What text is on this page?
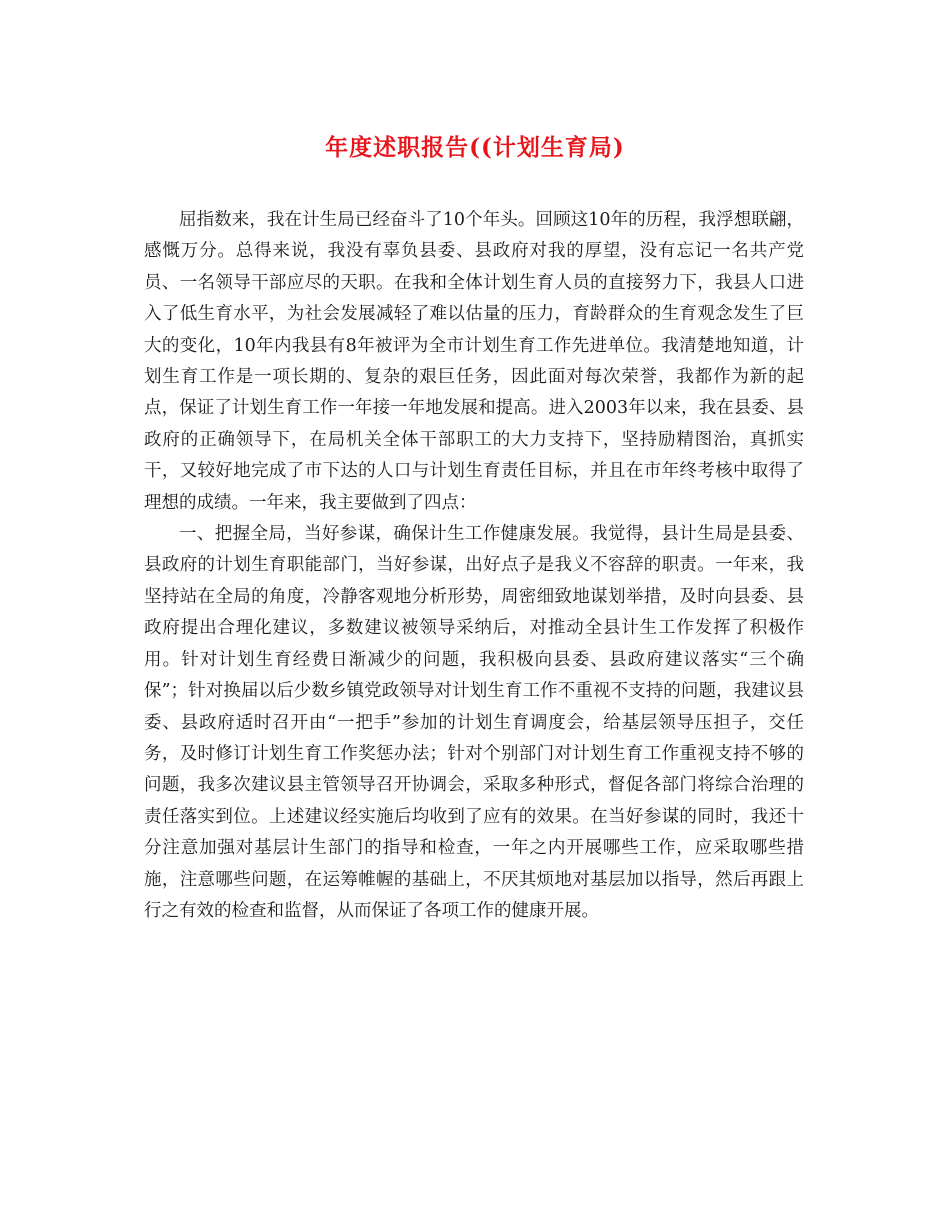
年度述职报告((计划生育局)

屈指数来，我在计生局已经奋斗了10个年头。回顾这10年的历程，我浮想联翩，感慨万分。总得来说，我没有辜负县委、县政府对我的厚望，没有忘记一名共产党员、一名领导干部应尽的天职。在我和全体计划生育人员的直接努力下，我县人口进入了低生育水平，为社会发展减轻了难以估量的压力，育龄群众的生育观念发生了巨大的变化，10年内我县有8年被评为全市计划生育工作先进单位。我清楚地知道，计划生育工作是一项长期的、复杂的艰巨任务，因此面对每次荣誉，我都作为新的起点，保证了计划生育工作一年接一年地发展和提高。进入2003年以来，我在县委、县政府的正确领导下，在局机关全体干部职工的大力支持下，坚持励精图治，真抓实干，又较好地完成了市下达的人口与计划生育责任目标，并且在市年终考核中取得了理想的成绩。一年来，我主要做到了四点：

一、把握全局，当好参谋，确保计生工作健康发展。我觉得，县计生局是县委、县政府的计划生育职能部门，当好参谋，出好点子是我义不容辞的职责。一年来，我坚持站在全局的角度，冷静客观地分析形势，周密细致地谋划举措，及时向县委、县政府提出合理化建议，多数建议被领导采纳后，对推动全县计生工作发挥了积极作用。针对计划生育经费日渐减少的问题，我积极向县委、县政府建议落实“三个确保”；针对换届以后少数乡镇党政领导对计划生育工作不重视不支持的问题，我建议县委、县政府适时召开由“一把手”参加的计划生育调度会，给基层领导压担子，交任务，及时修订计划生育工作奖惩办法；针对个别部门对计划生育工作重视支持不够的问题，我多次建议县主管领导召开协调会，采取多种形式，督促各部门将综合治理的责任落实到位。上述建议经实施后均收到了应有的效果。在当好参谋的同时，我还十分注意加强对基层计生部门的指导和检查，一年之内开展哪些工作，应采取哪些措施，注意哪些问题，在运筹帷幄的基础上，不厌其烦地对基层加以指导，然后再跟上行之有效的检查和监督，从而保证了各项工作的健康开展。
